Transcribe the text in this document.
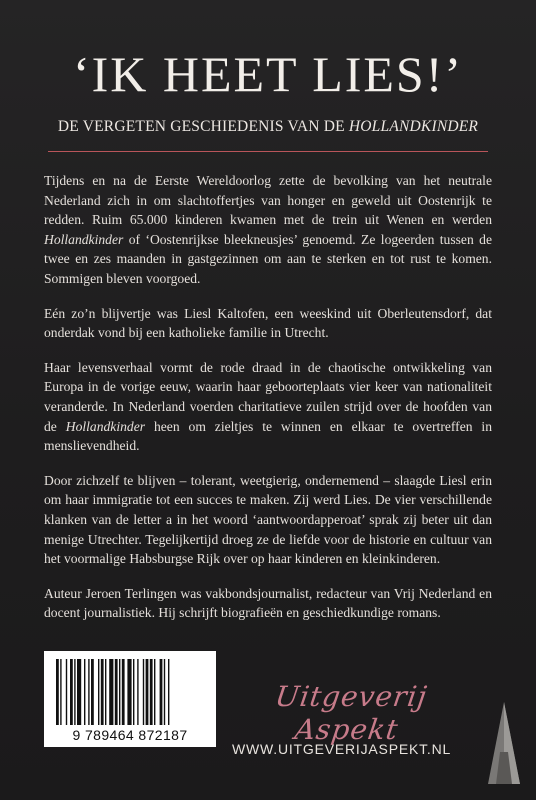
‘IK HEET LIES!’
DE VERGETEN GESCHIEDENIS VAN DE HOLLANDKINDER

Tijdens en na de Eerste Wereldoorlog zette de bevolking van het neutrale Nederland zich in om slachtoffertjes van honger en geweld uit Oostenrijk te redden. Ruim 65.000 kinderen kwamen met de trein uit Wenen en werden Hollandkinder of ‘Oostenrijkse bleekneusjes’ genoemd. Ze logeerden tussen de twee en zes maanden in gastgezinnen om aan te sterken en tot rust te komen. Sommigen bleven voorgoed.

Eén zo’n blijvertje was Liesl Kaltofen, een weeskind uit Oberleutensdorf, dat onderdak vond bij een katholieke familie in Utrecht.

Haar levensverhaal vormt de rode draad in de chaotische ontwikkeling van Europa in de vorige eeuw, waarin haar geboorteplaats vier keer van nationaliteit veranderde. In Nederland voerden charitatieve zuilen strijd over de hoofden van de Hollandkinder heen om zieltjes te winnen en elkaar te overtreffen in menslievendheid.

Door zichzelf te blijven – tolerant, weetgierig, ondernemend – slaagde Liesl erin om haar immigratie tot een succes te maken. Zij werd Lies. De vier verschillende klanken van de letter a in het woord ‘aantwoordapperoat’ sprak zij beter uit dan menige Utrechter. Tegelijkertijd droeg ze de liefde voor de historie en cultuur van het voormalige Habsburgse Rijk over op haar kinderen en kleinkinderen.

Auteur Jeroen Terlingen was vakbondsjournalist, redacteur van Vrij Nederland en docent journalistiek. Hij schrijft biografieën en geschiedkundige romans.

9 789464 872187
Uitgeverij Aspekt
WWW.UITGEVERIJASPEKT.NL
